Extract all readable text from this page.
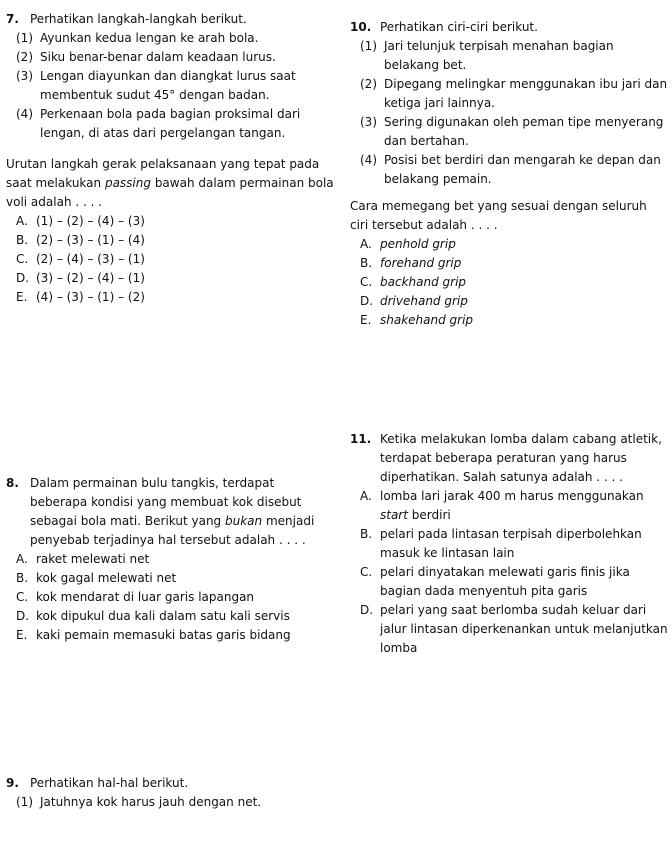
7. Perhatikan langkah-langkah berikut.
(1) Ayunkan kedua lengan ke arah bola.
(2) Siku benar-benar dalam keadaan lurus.
(3) Lengan diayunkan dan diangkat lurus saat membentuk sudut 45° dengan badan.
(4) Perkenaan bola pada bagian proksimal dari lengan, di atas dari pergelangan tangan.
Urutan langkah gerak pelaksanaan yang tepat pada saat melakukan passing bawah dalam permainan bola voli adalah . . . .
A. (1) – (2) – (4) – (3)
B. (2) – (3) – (1) – (4)
C. (2) – (4) – (3) – (1)
D. (3) – (2) – (4) – (1)
E. (4) – (3) – (1) – (2)
8. Dalam permainan bulu tangkis, terdapat beberapa kondisi yang membuat kok disebut sebagai bola mati. Berikut yang bukan menjadi penyebab terjadinya hal tersebut adalah . . . .
A. raket melewati net
B. kok gagal melewati net
C. kok mendarat di luar garis lapangan
D. kok dipukul dua kali dalam satu kali servis
E. kaki pemain memasuki batas garis bidang
9. Perhatikan hal-hal berikut.
(1) Jatuhnya kok harus jauh dengan net.
10. Perhatikan ciri-ciri berikut.
(1) Jari telunjuk terpisah menahan bagian belakang bet.
(2) Dipegang melingkar menggunakan ibu jari dan ketiga jari lainnya.
(3) Sering digunakan oleh peman tipe menyerang dan bertahan.
(4) Posisi bet berdiri dan mengarah ke depan dan belakang pemain.
Cara memegang bet yang sesuai dengan seluruh ciri tersebut adalah . . . .
A. penhold grip
B. forehand grip
C. backhand grip
D. drivehand grip
E. shakehand grip
11. Ketika melakukan lomba dalam cabang atletik, terdapat beberapa peraturan yang harus diperhatikan. Salah satunya adalah . . . .
A. lomba lari jarak 400 m harus menggunakan start berdiri
B. pelari pada lintasan terpisah diperbolehkan masuk ke lintasan lain
C. pelari dinyatakan melewati garis finis jika bagian dada menyentuh pita garis
D. pelari yang saat berlomba sudah keluar dari jalur lintasan diperkenankan untuk melanjutkan lomba
